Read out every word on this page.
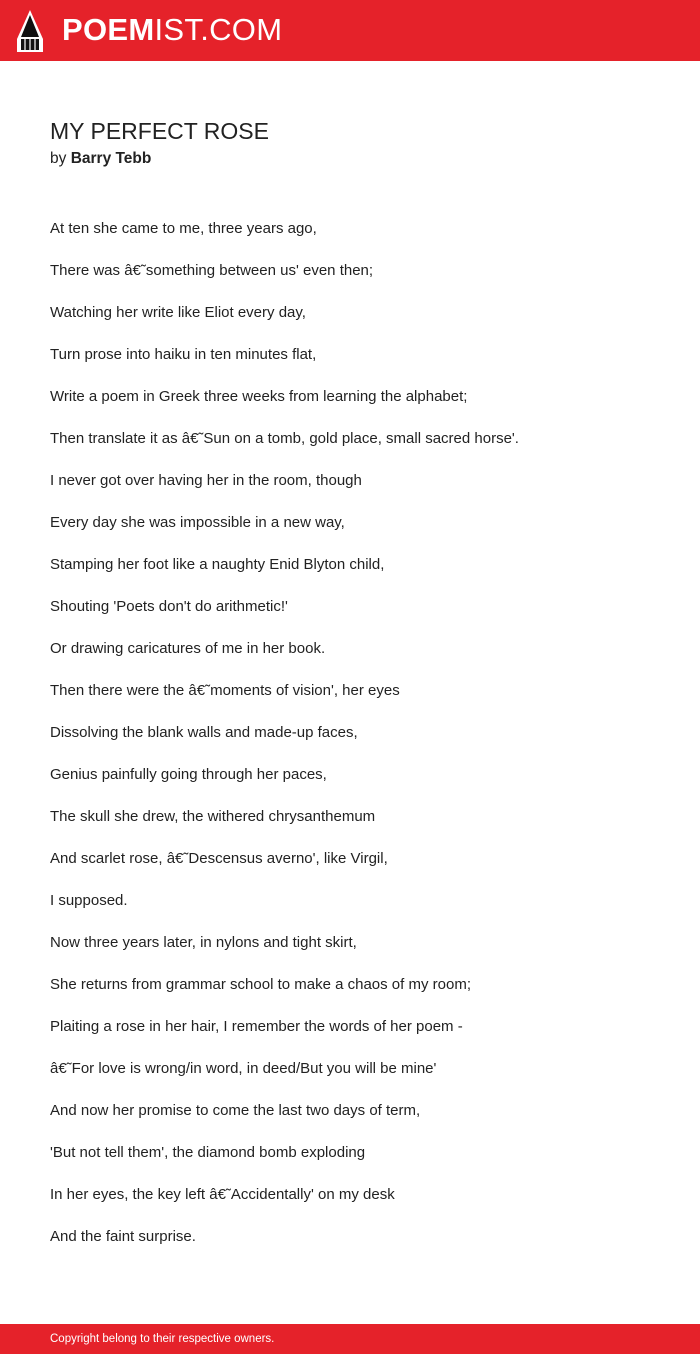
POEMIST.COM
MY PERFECT ROSE
by Barry Tebb
At ten she came to me, three years ago,
There was â€˜something between us' even then;
Watching her write like Eliot every day,
Turn prose into haiku in ten minutes flat,
Write a poem in Greek three weeks from learning the alphabet;
Then translate it as â€˜Sun on a tomb, gold place, small sacred horse'.
I never got over having her in the room, though
Every day she was impossible in a new way,
Stamping her foot like a naughty Enid Blyton child,
Shouting 'Poets don't do arithmetic!'
Or drawing caricatures of me in her book.
Then there were the â€˜moments of vision', her eyes
Dissolving the blank walls and made-up faces,
Genius painfully going through her paces,
The skull she drew, the withered chrysanthemum
And scarlet rose, â€˜Descensus averno', like Virgil,
I supposed.
Now three years later, in nylons and tight skirt,
She returns from grammar school to make a chaos of my room;
Plaiting a rose in her hair, I remember the words of her poem -
â€˜For love is wrong/in word, in deed/But you will be mine'
And now her promise to come the last two days of term,
'But not tell them', the diamond bomb exploding
In her eyes, the key left â€˜Accidentally' on my desk
And the faint surprise.
Copyright belong to their respective owners.
